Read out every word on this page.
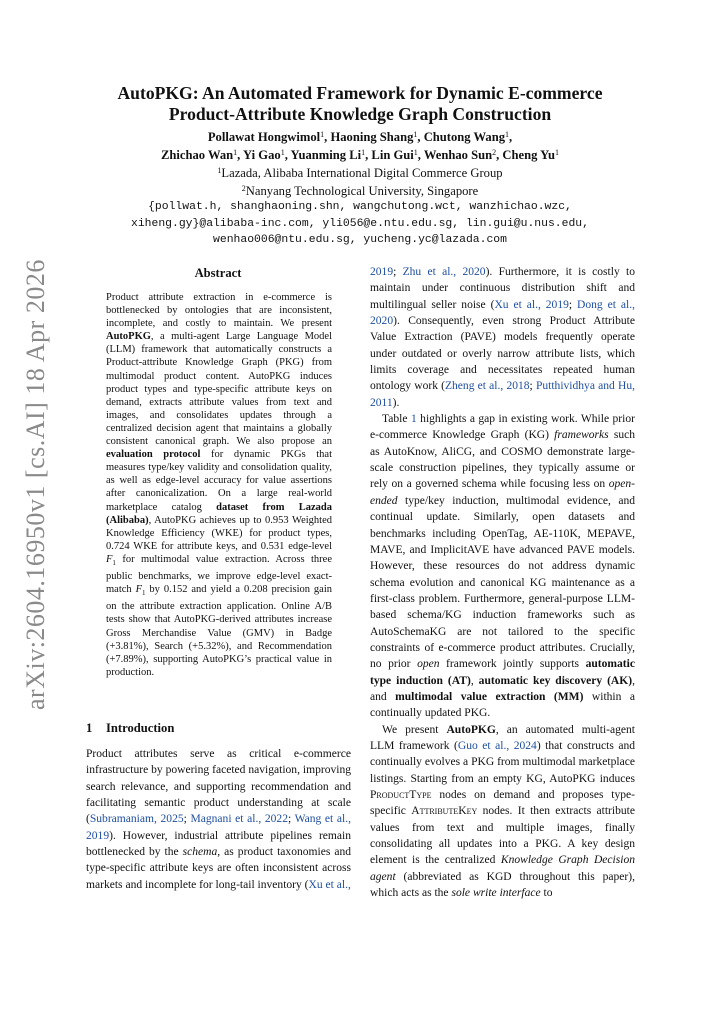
arXiv:2604.16950v1 [cs.AI] 18 Apr 2026
AutoPKG: An Automated Framework for Dynamic E-commerce
Product-Attribute Knowledge Graph Construction
Pollawat Hongwimol$^1$, Haoning Shang$^1$, Chutong Wang$^1$,
Zhichao Wan$^1$, Yi Gao$^1$, Yuanming Li$^1$, Lin Gui$^1$, Wenhao Sun$^2$, Cheng Yu$^1$
$^1$Lazada, Alibaba International Digital Commerce Group
$^2$Nanyang Technological University, Singapore
{pollwat.h, shanghaoning.shn, wangchutong.wct, wanzhichao.wzc,
xiheng.gy}@alibaba-inc.com, yli056@e.ntu.edu.sg, lin.gui@u.nus.edu,
wenhao006@ntu.edu.sg, yucheng.yc@lazada.com
Abstract
Product attribute extraction in e-commerce is bottlenecked by ontologies that are inconsistent, incomplete, and costly to maintain. We present AutoPKG, a multi-agent Large Language Model (LLM) framework that automatically constructs a Product-attribute Knowledge Graph (PKG) from multimodal product content. AutoPKG induces product types and type-specific attribute keys on demand, extracts attribute values from text and images, and consolidates updates through a centralized decision agent that maintains a globally consistent canonical graph. We also propose an evaluation protocol for dynamic PKGs that measures type/key validity and consolidation quality, as well as edge-level accuracy for value assertions after canonicalization. On a large real-world marketplace catalog dataset from Lazada (Alibaba), AutoPKG achieves up to 0.953 Weighted Knowledge Efficiency (WKE) for product types, 0.724 WKE for attribute keys, and 0.531 edge-level $F_1$ for multimodal value extraction. Across three public benchmarks, we improve edge-level exact-match $F_1$ by 0.152 and yield a 0.208 precision gain on the attribute extraction application. Online A/B tests show that AutoPKG-derived attributes increase Gross Merchandise Value (GMV) in Badge (+3.81%), Search (+5.32%), and Recommendation (+7.89%), supporting AutoPKG’s practical value in production.
1 Introduction
Product attributes serve as critical e-commerce infrastructure by powering faceted navigation, improving search relevance, and supporting recommendation and facilitating semantic product understanding at scale (Subramaniam, 2025; Magnani et al., 2022; Wang et al., 2019). However, industrial attribute pipelines remain bottlenecked by the schema, as product taxonomies and type-specific attribute keys are often inconsistent across markets and incomplete for long-tail inventory (Xu et al.,

2019; Zhu et al., 2020). Furthermore, it is costly to maintain under continuous distribution shift and multilingual seller noise (Xu et al., 2019; Dong et al., 2020). Consequently, even strong Product Attribute Value Extraction (PAVE) models frequently operate under outdated or overly narrow attribute lists, which limits coverage and necessitates repeated human ontology work (Zheng et al., 2018; Putthividhya and Hu, 2011).

Table 1 highlights a gap in existing work. While prior e-commerce Knowledge Graph (KG) frameworks such as AutoKnow, AliCG, and COSMO demonstrate large-scale construction pipelines, they typically assume or rely on a governed schema while focusing less on open-ended type/key induction, multimodal evidence, and continual update. Similarly, open datasets and benchmarks including OpenTag, AE-110K, MEPAVE, MAVE, and ImplicitAVE have advanced PAVE models. However, these resources do not address dynamic schema evolution and canonical KG maintenance as a first-class problem. Furthermore, general-purpose LLM-based schema/KG induction frameworks such as AutoSchemaKG are not tailored to the specific constraints of e-commerce product attributes. Crucially, no prior open framework jointly supports automatic type induction (AT), automatic key discovery (AK), and multimodal value extraction (MM) within a continually updated PKG.

We present AutoPKG, an automated multi-agent LLM framework (Guo et al., 2024) that constructs and continually evolves a PKG from multimodal marketplace listings. Starting from an empty KG, AutoPKG induces ProductType nodes on demand and proposes type-specific AttributeKey nodes. It then extracts attribute values from text and multiple images, finally consolidating all updates into a PKG. A key design element is the centralized Knowledge Graph Decision agent (abbreviated as KGD throughout this paper), which acts as the sole write interface to
